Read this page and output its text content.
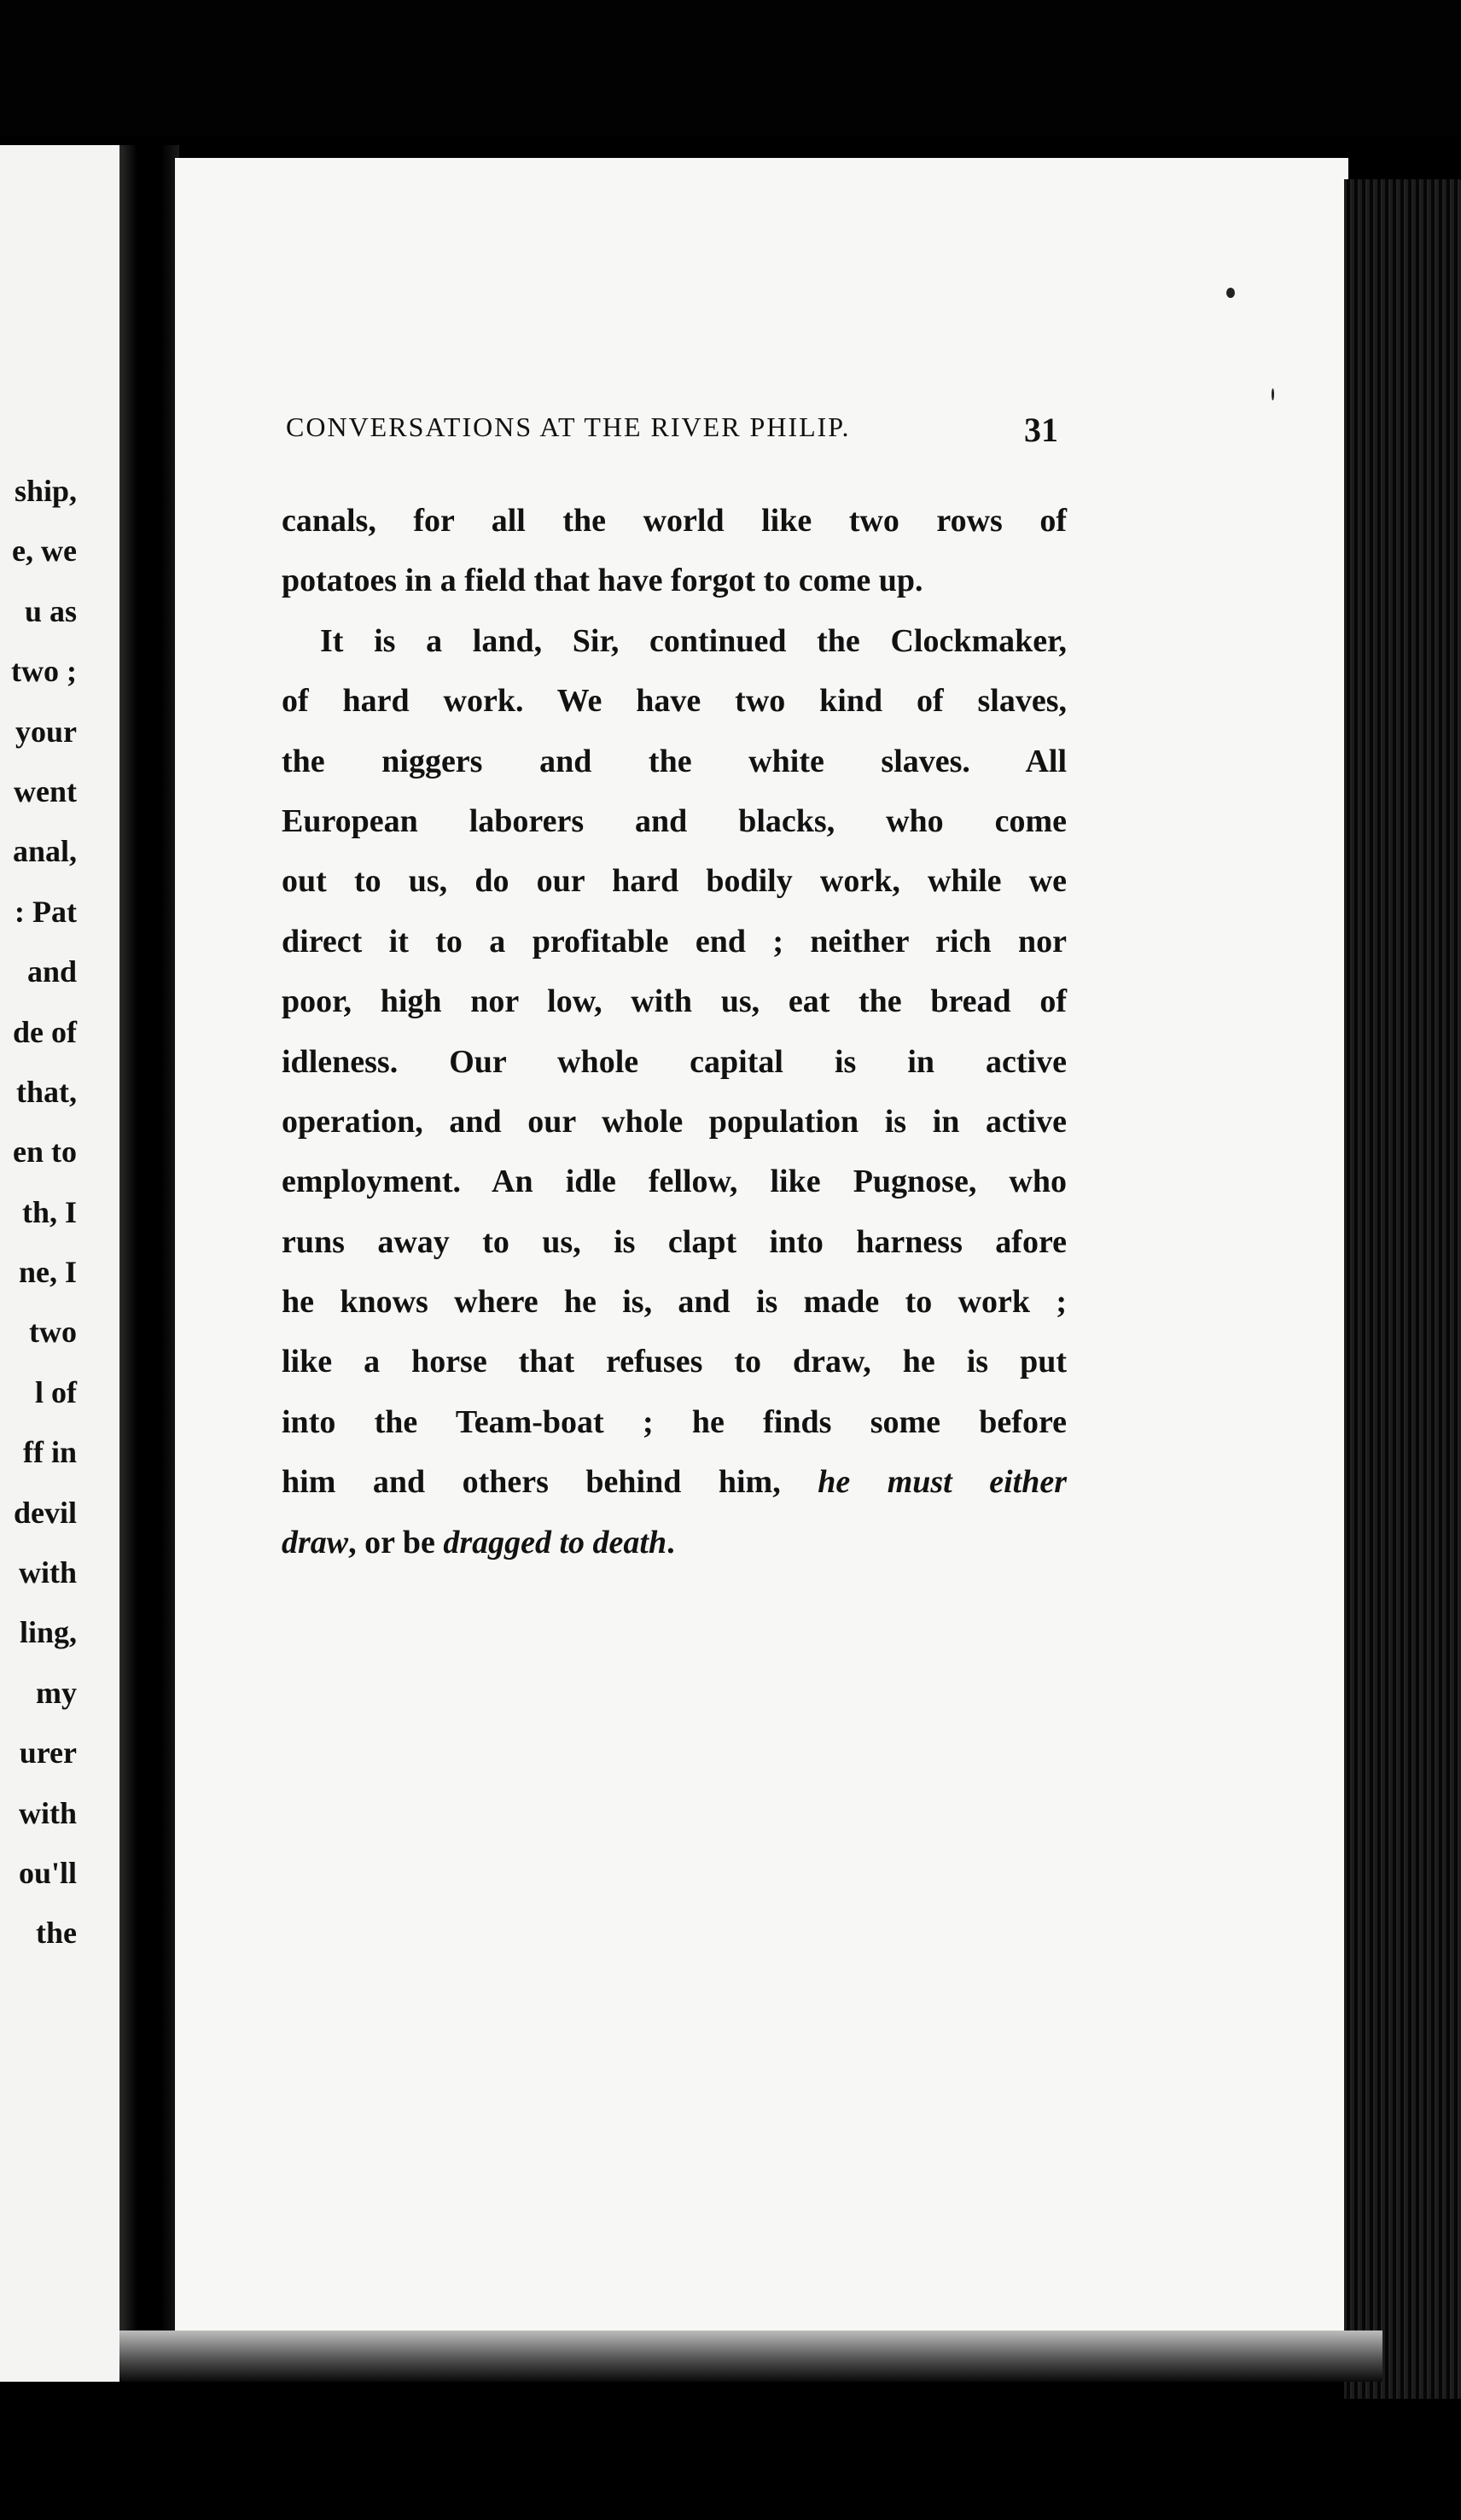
ship,
e, we
u as
two ;
your
went
anal,
: Pat
and
de of
that,
en to
th, I
ne, I
two
l of
ff in
devil
with
ling,
my
urer
with
ou'll
the
CONVERSATIONS AT THE RIVER PHILIP.	31
canals, for all the world like two rows of
potatoes in a field that have forgot to come up.
It is a land, Sir, continued the Clockmaker,
of hard work. We have two kind of slaves,
the niggers and the white slaves. All
European laborers and blacks, who come
out to us, do our hard bodily work, while we
direct it to a profitable end ; neither rich nor
poor, high nor low, with us, eat the bread of
idleness. Our whole capital is in active
operation, and our whole population is in active
employment. An idle fellow, like Pugnose, who
runs away to us, is clapt into harness afore
he knows where he is, and is made to work ;
like a horse that refuses to draw, he is put
into the Team-boat ; he finds some before
him and others behind him, he must either
draw, or be dragged to death.
